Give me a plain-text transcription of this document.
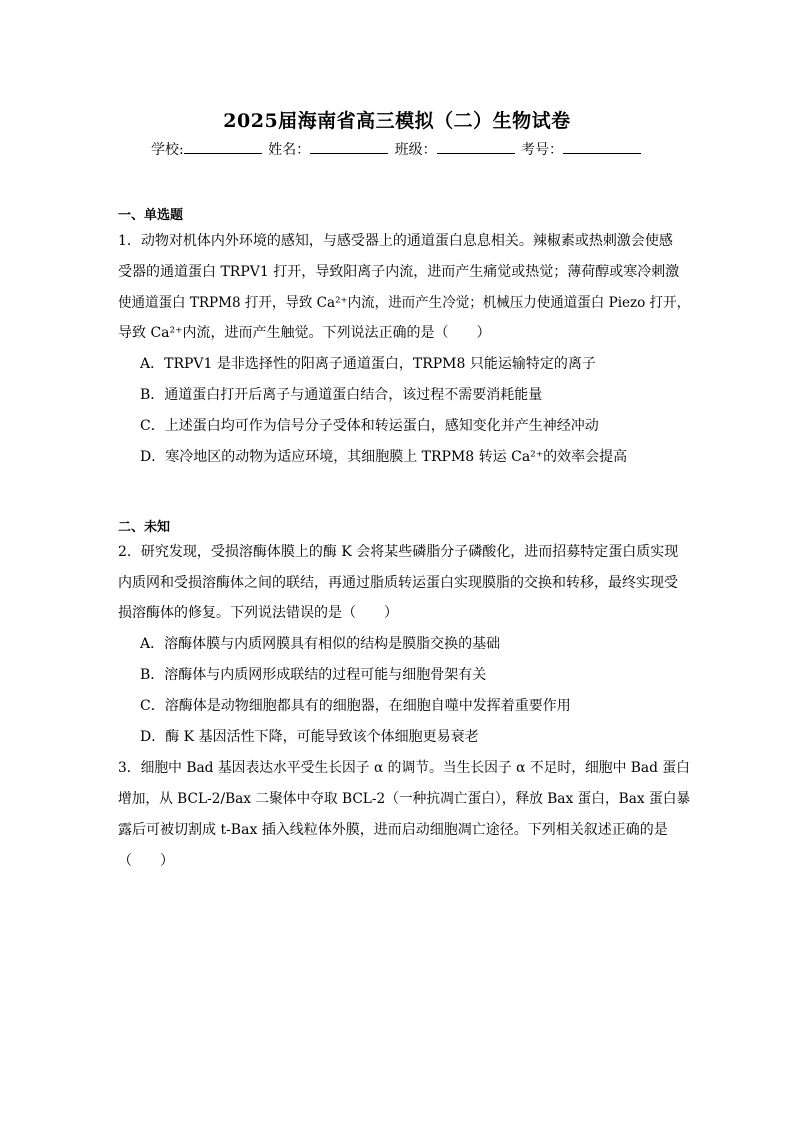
2025届海南省高三模拟（二）生物试卷
学校:	姓名：	班级：	考号：
一、单选题
1．动物对机体内外环境的感知，与感受器上的通道蛋白息息相关。辣椒素或热刺激会使感
受器的通道蛋白 TRPV1 打开，导致阳离子内流，进而产生痛觉或热觉；薄荷醇或寒冷刺激
使通道蛋白 TRPM8 打开，导致 Ca²⁺内流，进而产生冷觉；机械压力使通道蛋白 Piezo 打开，
导致 Ca²⁺内流，进而产生触觉。下列说法正确的是（　　）
A．TRPV1 是非选择性的阳离子通道蛋白，TRPM8 只能运输特定的离子
B．通道蛋白打开后离子与通道蛋白结合，该过程不需要消耗能量
C．上述蛋白均可作为信号分子受体和转运蛋白，感知变化并产生神经冲动
D．寒冷地区的动物为适应环境，其细胞膜上 TRPM8 转运 Ca²⁺的效率会提高
二、未知
2．研究发现，受损溶酶体膜上的酶 K 会将某些磷脂分子磷酸化，进而招募特定蛋白质实现
内质网和受损溶酶体之间的联结，再通过脂质转运蛋白实现膜脂的交换和转移，最终实现受
损溶酶体的修复。下列说法错误的是（　　）
A．溶酶体膜与内质网膜具有相似的结构是膜脂交换的基础
B．溶酶体与内质网形成联结的过程可能与细胞骨架有关
C．溶酶体是动物细胞都具有的细胞器，在细胞自噬中发挥着重要作用
D．酶 K 基因活性下降，可能导致该个体细胞更易衰老
3．细胞中 Bad 基因表达水平受生长因子 α 的调节。当生长因子 α 不足时，细胞中 Bad 蛋白
增加，从 BCL-2/Bax 二聚体中夺取 BCL-2（一种抗凋亡蛋白），释放 Bax 蛋白，Bax 蛋白暴
露后可被切割成 t-Bax 插入线粒体外膜，进而启动细胞凋亡途径。下列相关叙述正确的是
（　　）
